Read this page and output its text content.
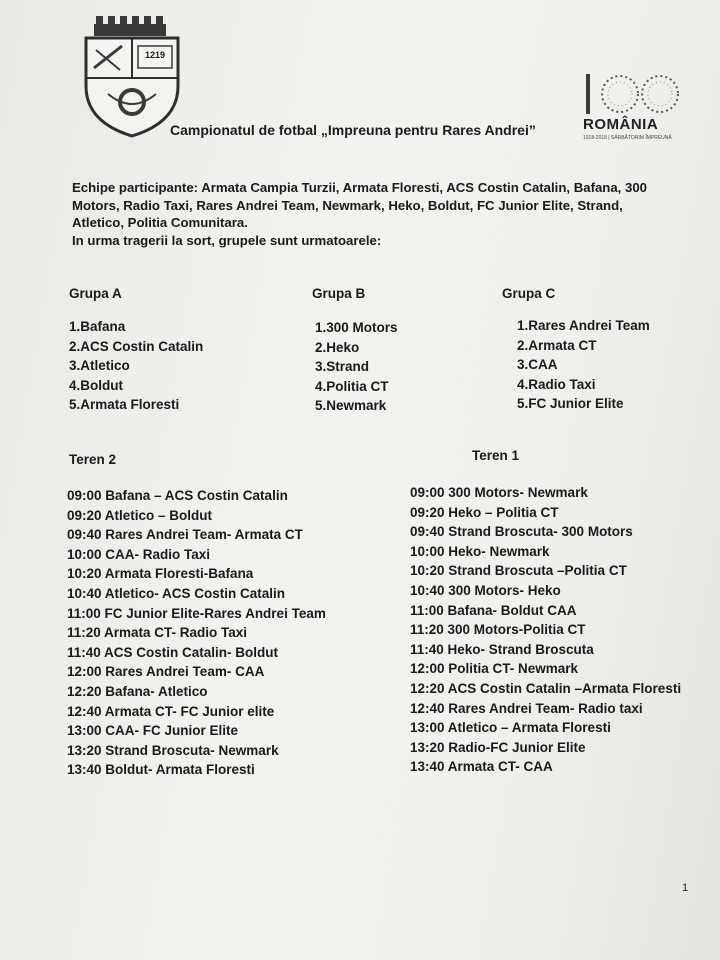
1219
ROMÂNIA
1918-2018 | SĂRBĂTORIM ÎMPREUNĂ
Campionatul de fotbal „Impreuna pentru Rares Andrei”

Echipe participante: Armata Campia Turzii, Armata Floresti, ACS Costin Catalin, Bafana, 300 Motors, Radio Taxi, Rares Andrei Team, Newmark, Heko, Boldut, FC Junior Elite, Strand, Atletico, Politia Comunitara.

In urma tragerii la sort, grupele sunt urmatoarele:

Grupa A
1.Bafana
2.ACS Costin Catalin
3.Atletico
4.Boldut
5.Armata Floresti
Grupa B
1.300 Motors
2.Heko
3.Strand
4.Politia CT
5.Newmark
Grupa C
1.Rares Andrei Team
2.Armata CT
3.CAA
4.Radio Taxi
5.FC Junior Elite
Teren 2
09:00 Bafana – ACS Costin Catalin
09:20 Atletico – Boldut
09:40 Rares Andrei Team- Armata CT
10:00 CAA- Radio Taxi
10:20 Armata Floresti-Bafana
10:40 Atletico- ACS Costin Catalin
11:00 FC Junior Elite-Rares Andrei Team
11:20 Armata CT- Radio Taxi
11:40 ACS Costin Catalin- Boldut
12:00 Rares Andrei Team- CAA
12:20 Bafana- Atletico
12:40 Armata CT- FC Junior elite
13:00 CAA- FC Junior Elite
13:20 Strand Broscuta- Newmark
13:40 Boldut- Armata Floresti
Teren 1
09:00 300 Motors- Newmark
09:20 Heko – Politia CT
09:40 Strand Broscuta- 300 Motors
10:00 Heko- Newmark
10:20 Strand Broscuta –Politia CT
10:40 300 Motors- Heko
11:00 Bafana- Boldut CAA
11:20 300 Motors-Politia CT
11:40 Heko- Strand Broscuta
12:00 Politia CT- Newmark
12:20 ACS Costin Catalin –Armata Floresti
12:40 Rares Andrei Team- Radio taxi
13:00 Atletico – Armata Floresti
13:20 Radio-FC Junior Elite
13:40 Armata CT- CAA
1
